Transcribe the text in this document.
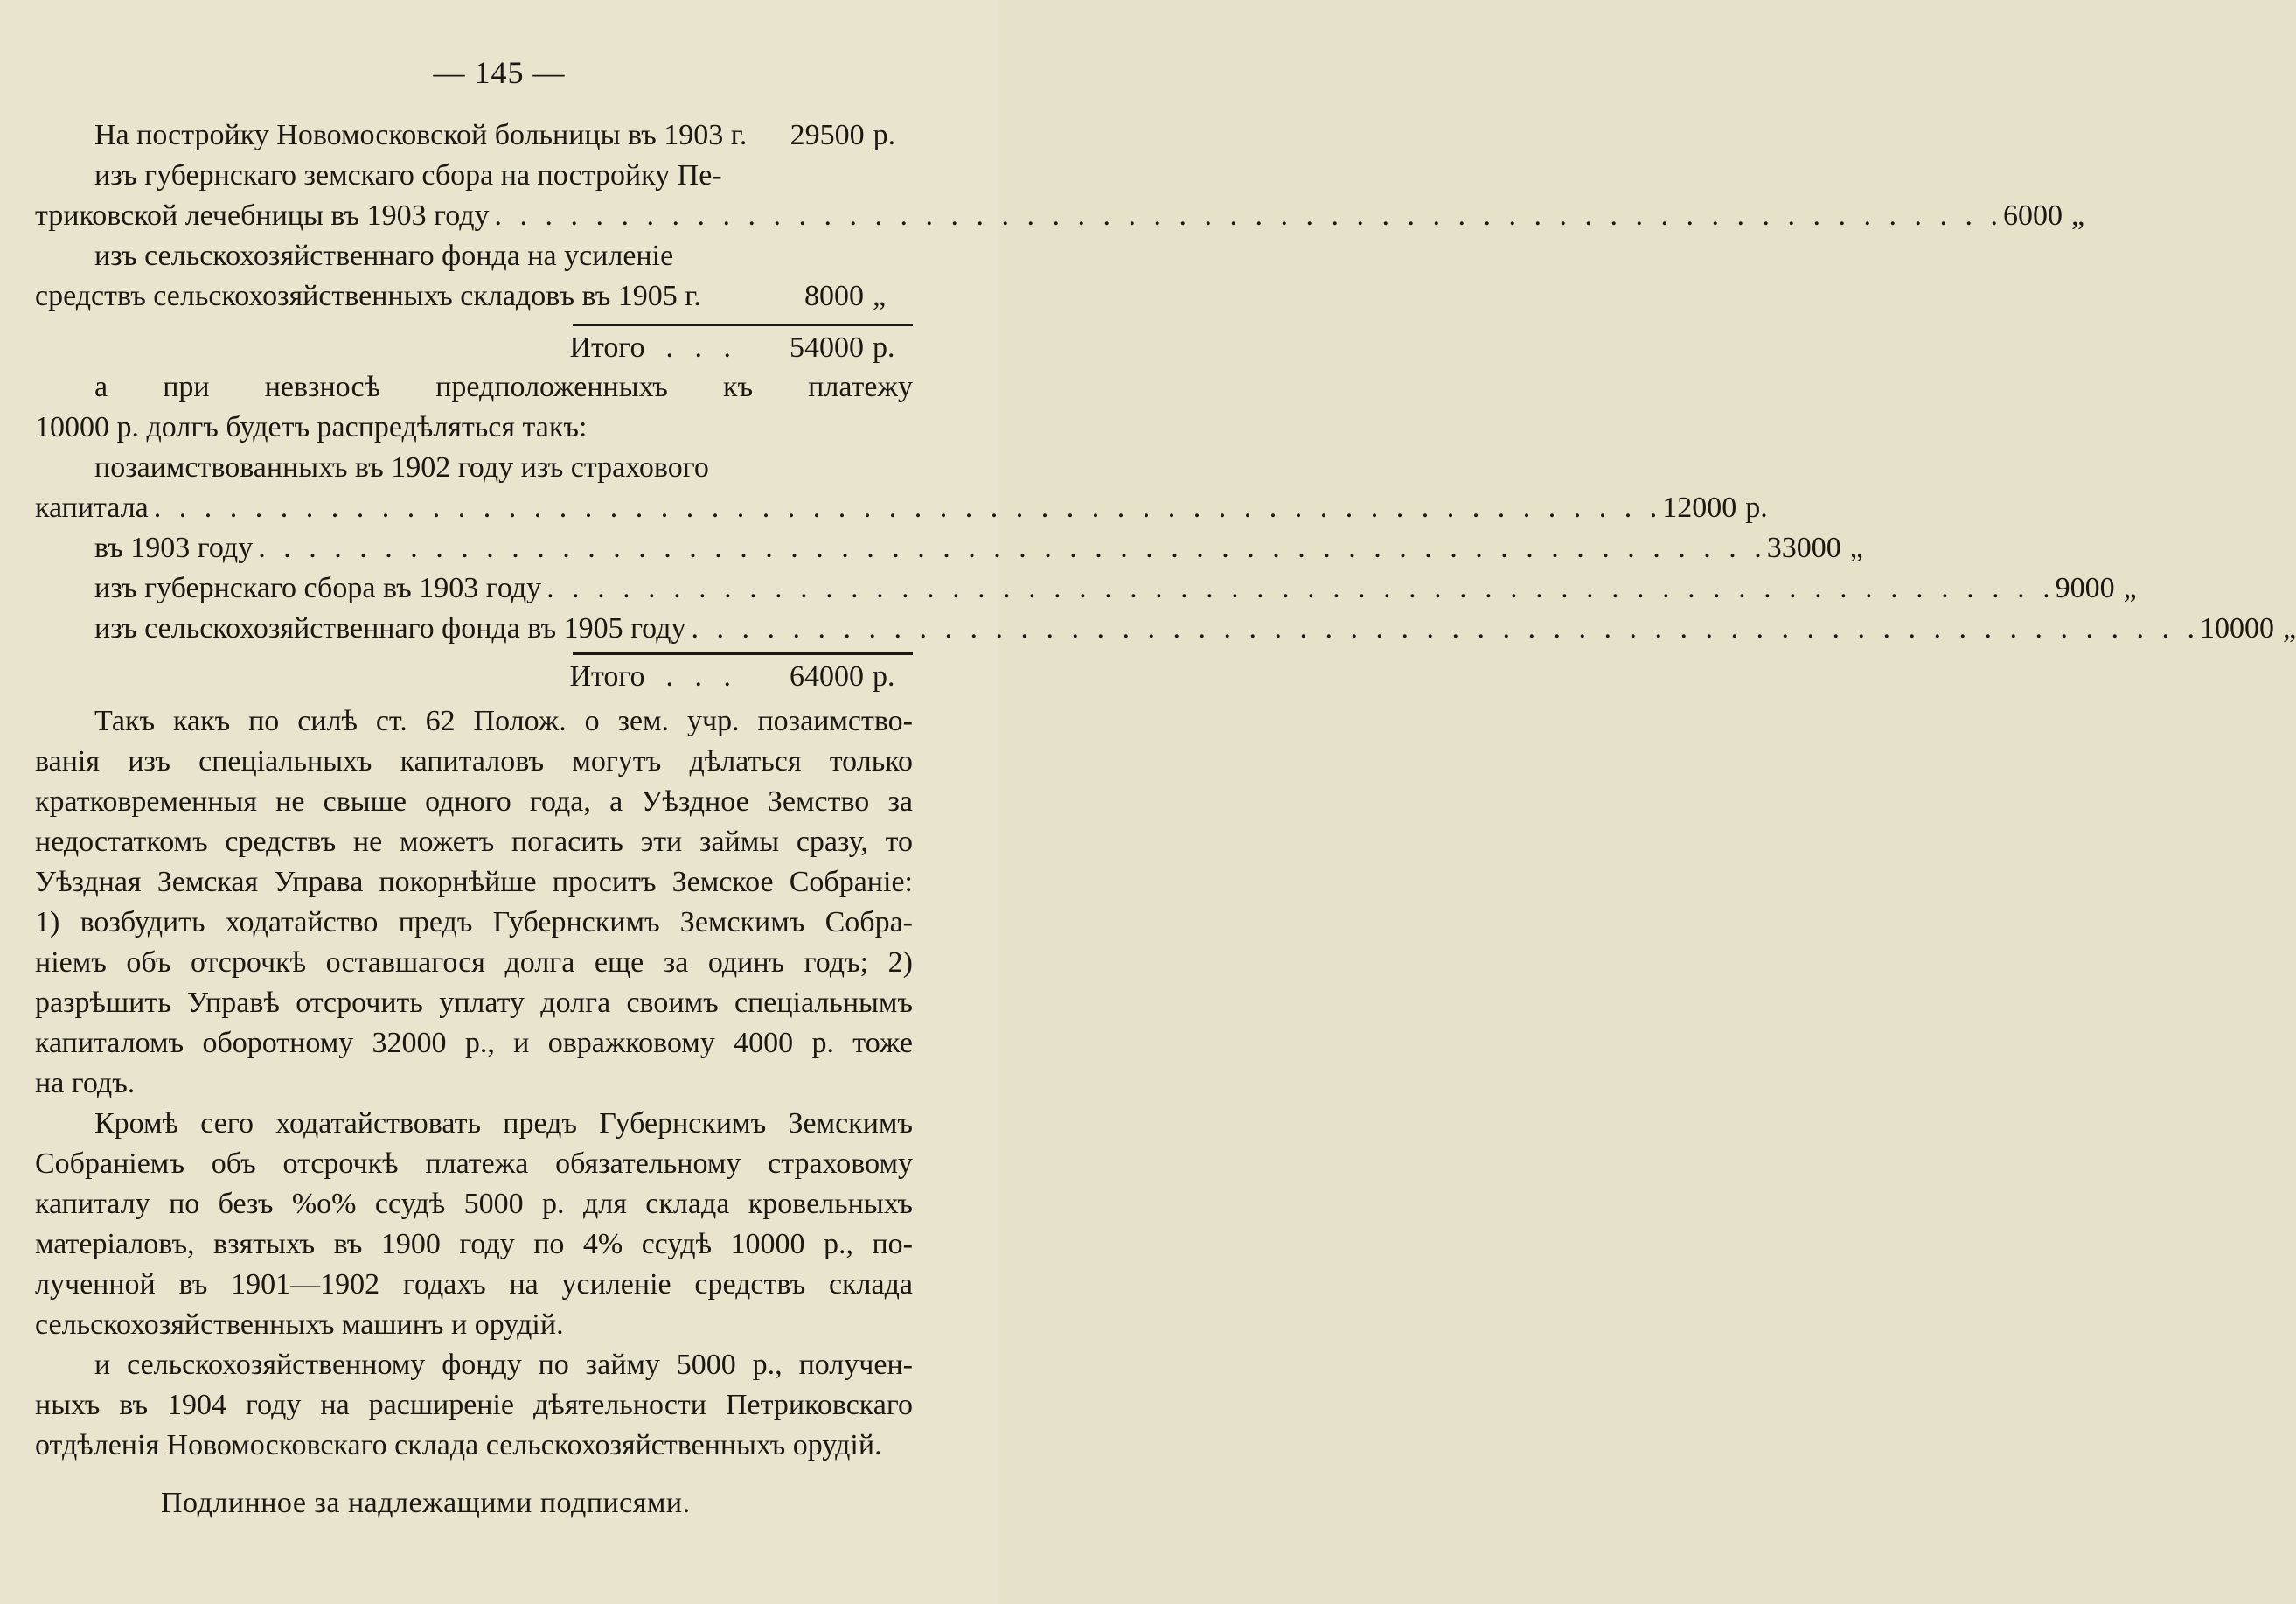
— 145 —
На постройку Новомосковской больницы въ 1903 г.	29500 р.
изъ губернскаго земскаго сбора на постройку Пе-
триковской лечебницы въ 1903 году . . . . . . . . . . . . . . . . . . . . . . . . . . . . . . . . . . . . . . . . . . . . . . . . . . . . . . . . . . . . 6000 „
изъ сельскохозяйственнаго фонда на усиленіе
средствъ сельскохозяйственныхъ складовъ въ 1905 г.	8000 „
Итого . . .	54000 р.
а при невзносѣ предположенныхъ къ платежу
10000 р. долгъ будетъ распредѣляться такъ:
позаимствованныхъ въ 1902 году изъ страхового
капитала . . . . . . . . . . . . . . . . . . . . . . . . . . . . . . . . . . . . . . . . . . . . . . . . . . . . . . . . . . . . 12000 р.
въ 1903 году . . . . . . . . . . . . . . . . . . . . . . . . . . . . . . . . . . . . . . . . . . . . . . . . . . . . . . . . . . . . 33000 „
изъ губернскаго сбора въ 1903 году . . . . . . . . . . . . . . . . . . . . . . . . . . . . . . . . . . . . . . . . . . . . . . . . . . . . . . . . . . . . 9000 „
изъ сельскохозяйственнаго фонда въ 1905 году . . . . . . . . . . . . . . . . . . . . . . . . . . . . . . . . . . . . . . . . . . . . . . . . . . . . . . . . . . . . 10000 „
Итого . . .	64000 р.
Такъ какъ по силѣ ст. 62 Полож. о зем. учр. позаимство-
ванія изъ спеціальныхъ капиталовъ могутъ дѣлаться только
кратковременныя не свыше одного года, а Уѣздное Земство за
недостаткомъ средствъ не можетъ погасить эти займы сразу, то
Уѣздная Земская Управа покорнѣйше проситъ Земское Собраніе:
1) возбудить ходатайство предъ Губернскимъ Земскимъ Собра-
ніемъ объ отсрочкѣ оставшагося долга еще за одинъ годъ; 2)
разрѣшить Управѣ отсрочить уплату долга своимъ спеціальнымъ
капиталомъ оборотному 32000 р., и овражковому 4000 р. тоже
на годъ.
Кромѣ сего ходатайствовать предъ Губернскимъ Земскимъ
Собраніемъ объ отсрочкѣ платежа обязательному страховому
капиталу по безъ %о% ссудѣ 5000 р. для склада кровельныхъ
матеріаловъ, взятыхъ въ 1900 году по 4% ссудѣ 10000 р., по-
лученной въ 1901—1902 годахъ на усиленіе средствъ склада
сельскохозяйственныхъ машинъ и орудій.
и сельскохозяйственному фонду по займу 5000 р., получен-
ныхъ въ 1904 году на расширеніе дѣятельности Петриковскаго
отдѣленія Новомосковскаго склада сельскохозяйственныхъ орудій.
Подлинное за надлежащими подписями.
